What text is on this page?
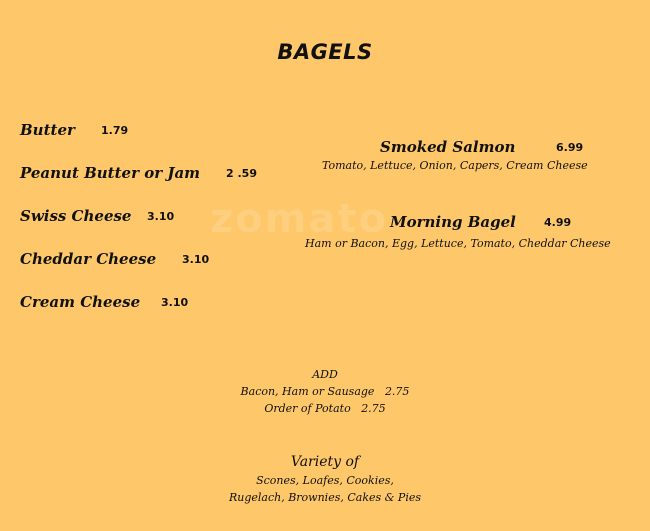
zomato
BAGELS
Butter 1.79
Peanut Butter or Jam 2 .59
Swiss Cheese 3.10
Cheddar Cheese 3.10
Cream Cheese 3.10
Smoked Salmon	6.99
Tomato, Lettuce, Onion, Capers, Cream Cheese
Morning Bagel	4.99
Ham or Bacon, Egg, Lettuce, Tomato, Cheddar Cheese
ADD
Bacon, Ham or Sausage 2.75
Order of Potato 2.75
Variety of
Scones, Loafes, Cookies,
Rugelach, Brownies, Cakes & Pies
